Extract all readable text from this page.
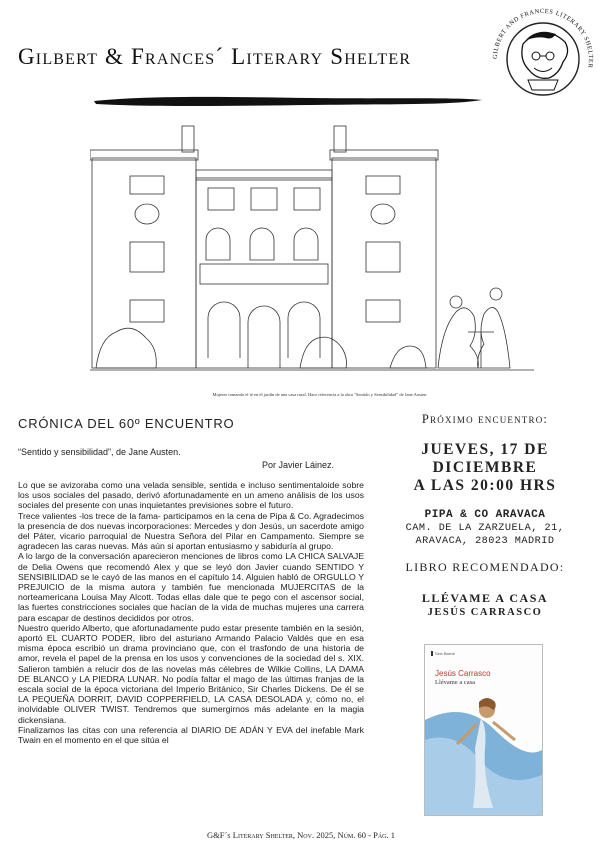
Gilbert & Frances´ Literary Shelter	GILBERT AND FRANCES LITERARY SHELTER
Mujeres tomando el té en el jardín de una casa rural. Hace referencia a la obra "Sentido y Sensibilidad" de Jane Austen.
CRÓNICA DEL 60º ENCUENTRO
“Sentido y sensibilidad”, de Jane Austen.
Por Javier Láinez.

Lo que se avizoraba como una velada sensible, sentida e incluso sentimentaloide sobre los usos sociales del pasado, derivó afortunadamente en un ameno análisis de los usos sociales del presente con unas inquietantes previsiones sobre el futuro.

Trece valientes -los trece de la fama- participamos en la cena de Pipa & Co. Agradecimos la presencia de dos nuevas incorporaciones: Mercedes y don Jesús, un sacerdote amigo del Páter, vicario parroquial de Nuestra Señora del Pilar en Campamento. Siempre se agradecen las caras nuevas. Más aún si aportan entusiasmo y sabiduría al grupo.

A lo largo de la conversación aparecieron menciones de libros como LA CHICA SALVAJE de Delia Owens que recomendó Alex y que se leyó don Javier cuando SENTIDO Y SENSIBILIDAD se le cayó de las manos en el capítulo 14. Alguien habló de ORGULLO Y PREJUICIO de la misma autora y también fue mencionada MUJERCITAS de la norteamericana Louisa May Alcott. Todas ellas dale que te pego con el ascensor social, las fuertes constricciones sociales que hacían de la vida de muchas mujeres una carrera para escapar de destinos decididos por otros.

Nuestro querido Alberto, que afortunadamente pudo estar presente también en la sesión, aportó EL CUARTO PODER, libro del asturiano Armando Palacio Valdés que en esa misma época escribió un drama provinciano que, con el trasfondo de una historia de amor, revela el papel de la prensa en los usos y convenciones de la sociedad del s. XIX. Salieron también a relucir dos de las novelas más célebres de Wilkie Collins, LA DAMA DE BLANCO y LA PIEDRA LUNAR. No podía faltar el mago de las últimas franjas de la escala social de la época victoriana del Imperio Británico, Sir Charles Dickens. De él se LA PEQUEÑA DORRIT, DAVID COPPERFIELD, LA CASA DESOLADA y, cómo no, el inolvidable OLIVER TWIST. Tendremos que sumergirnos más adelante en la magia dickensiana.

Finalizamos las citas con una referencia al DIARIO DE ADÁN Y EVA del inefable Mark Twain en el momento en el que sitúa el

Próximo encuentro:
JUEVES, 17 DE
DICIEMBRE
A LAS 20:00 HRS
PIPA & CO ARAVACA
CAM. DE LA ZARZUELA, 21,
ARAVACA, 28023 MADRID
LIBRO RECOMENDADO:
LLÉVAME A CASA
JESÚS CARRASCO
Seix Barral
Jesús Carrasco
Llévame a casa
G&F´s Literary Shelter, Nov. 2025, Núm. 60 - Pág. 1
